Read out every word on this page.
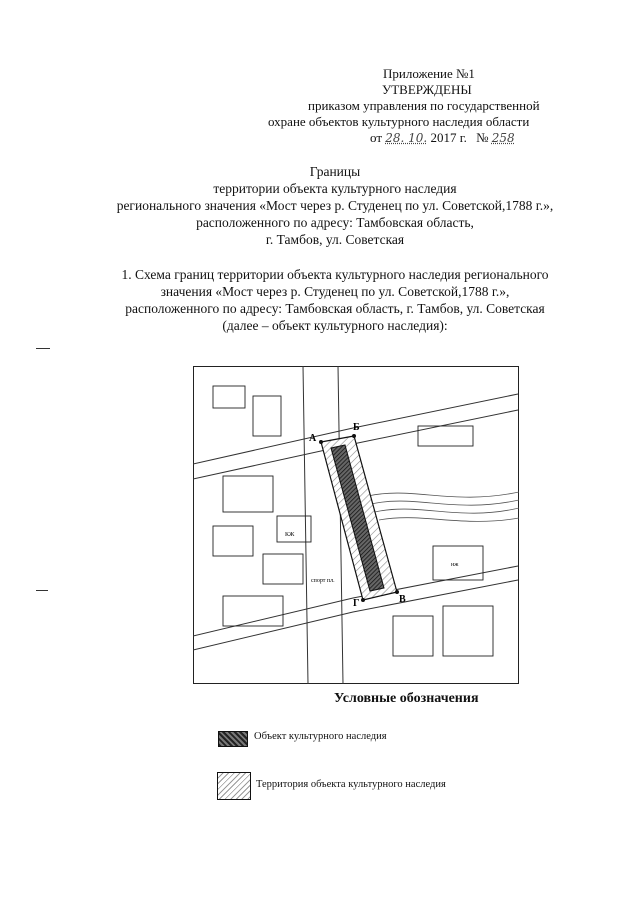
Приложение №1
УТВЕРЖДЕНЫ
приказом управления по государственной
охране объектов культурного наследия области
от 28. 10. 2017 г. № 258
Границы
территории объекта культурного наследия
регионального значения «Мост через р. Студенец по ул. Советской,1788 г.»,
расположенного по адресу: Тамбовская область,
г. Тамбов, ул. Советская
1. Схема границ территории объекта культурного наследия регионального
значения «Мост через р. Студенец по ул. Советской,1788 г.»,
расположенного по адресу: Тамбовская область, г. Тамбов, ул. Советская
(далее – объект культурного наследия):
А
Б
В
Г
спорт пл.
КЖ
нж
Условные обозначения
Объект культурного наследия
Территория объекта культурного наследия
